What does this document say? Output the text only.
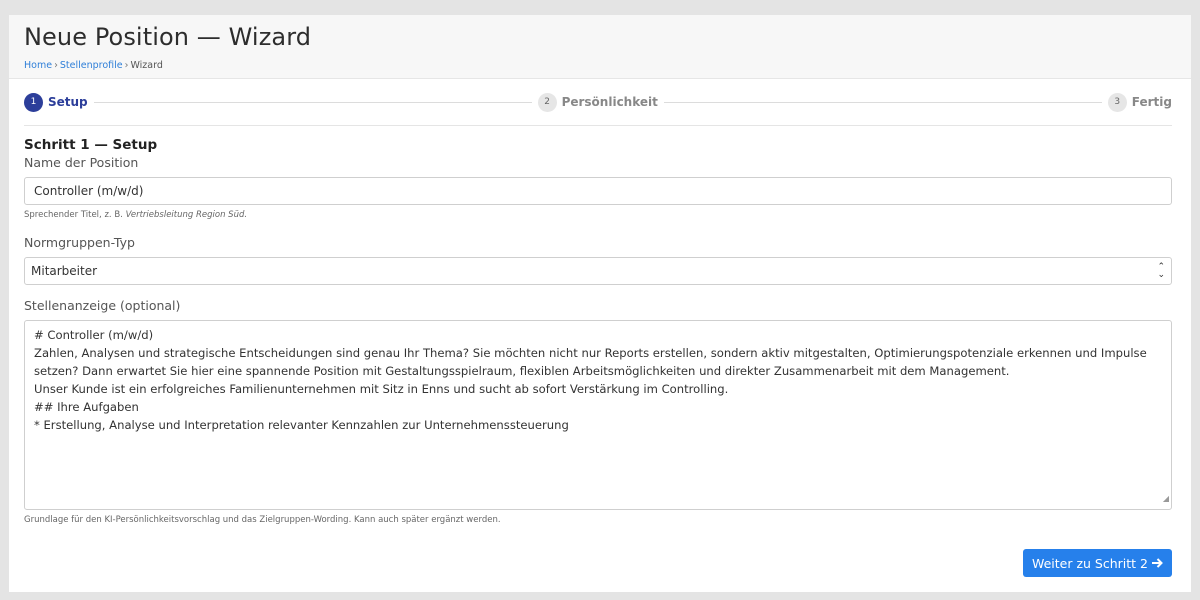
Neue Position — Wizard
Home › Stellenprofile › Wizard
1 Setup	2 Persönlichkeit	3 Fertig
Schritt 1 — Setup
Name der Position
Controller (m/w/d)
Sprechender Titel, z. B. Vertriebsleitung Region Süd.
Normgruppen-Typ
Mitarbeiter	⌃
⌄
Stellenanzeige (optional)

# Controller (m/w/d)

Zahlen, Analysen und strategische Entscheidungen sind genau Ihr Thema? Sie möchten nicht nur Reports erstellen, sondern aktiv mitgestalten, Optimierungspotenziale erkennen und Impulse setzen? Dann erwartet Sie hier eine spannende Position mit Gestaltungsspielraum, flexiblen Arbeitsmöglichkeiten und direkter Zusammenarbeit mit dem Management.

Unser Kunde ist ein erfolgreiches Familienunternehmen mit Sitz in Enns und sucht ab sofort Verstärkung im Controlling.

## Ihre Aufgaben

* Erstellung, Analyse und Interpretation relevanter Kennzahlen zur Unternehmenssteuerung

◢
Grundlage für den KI-Persönlichkeitsvorschlag und das Zielgruppen-Wording. Kann auch später ergänzt werden.
Weiter zu Schritt 2
